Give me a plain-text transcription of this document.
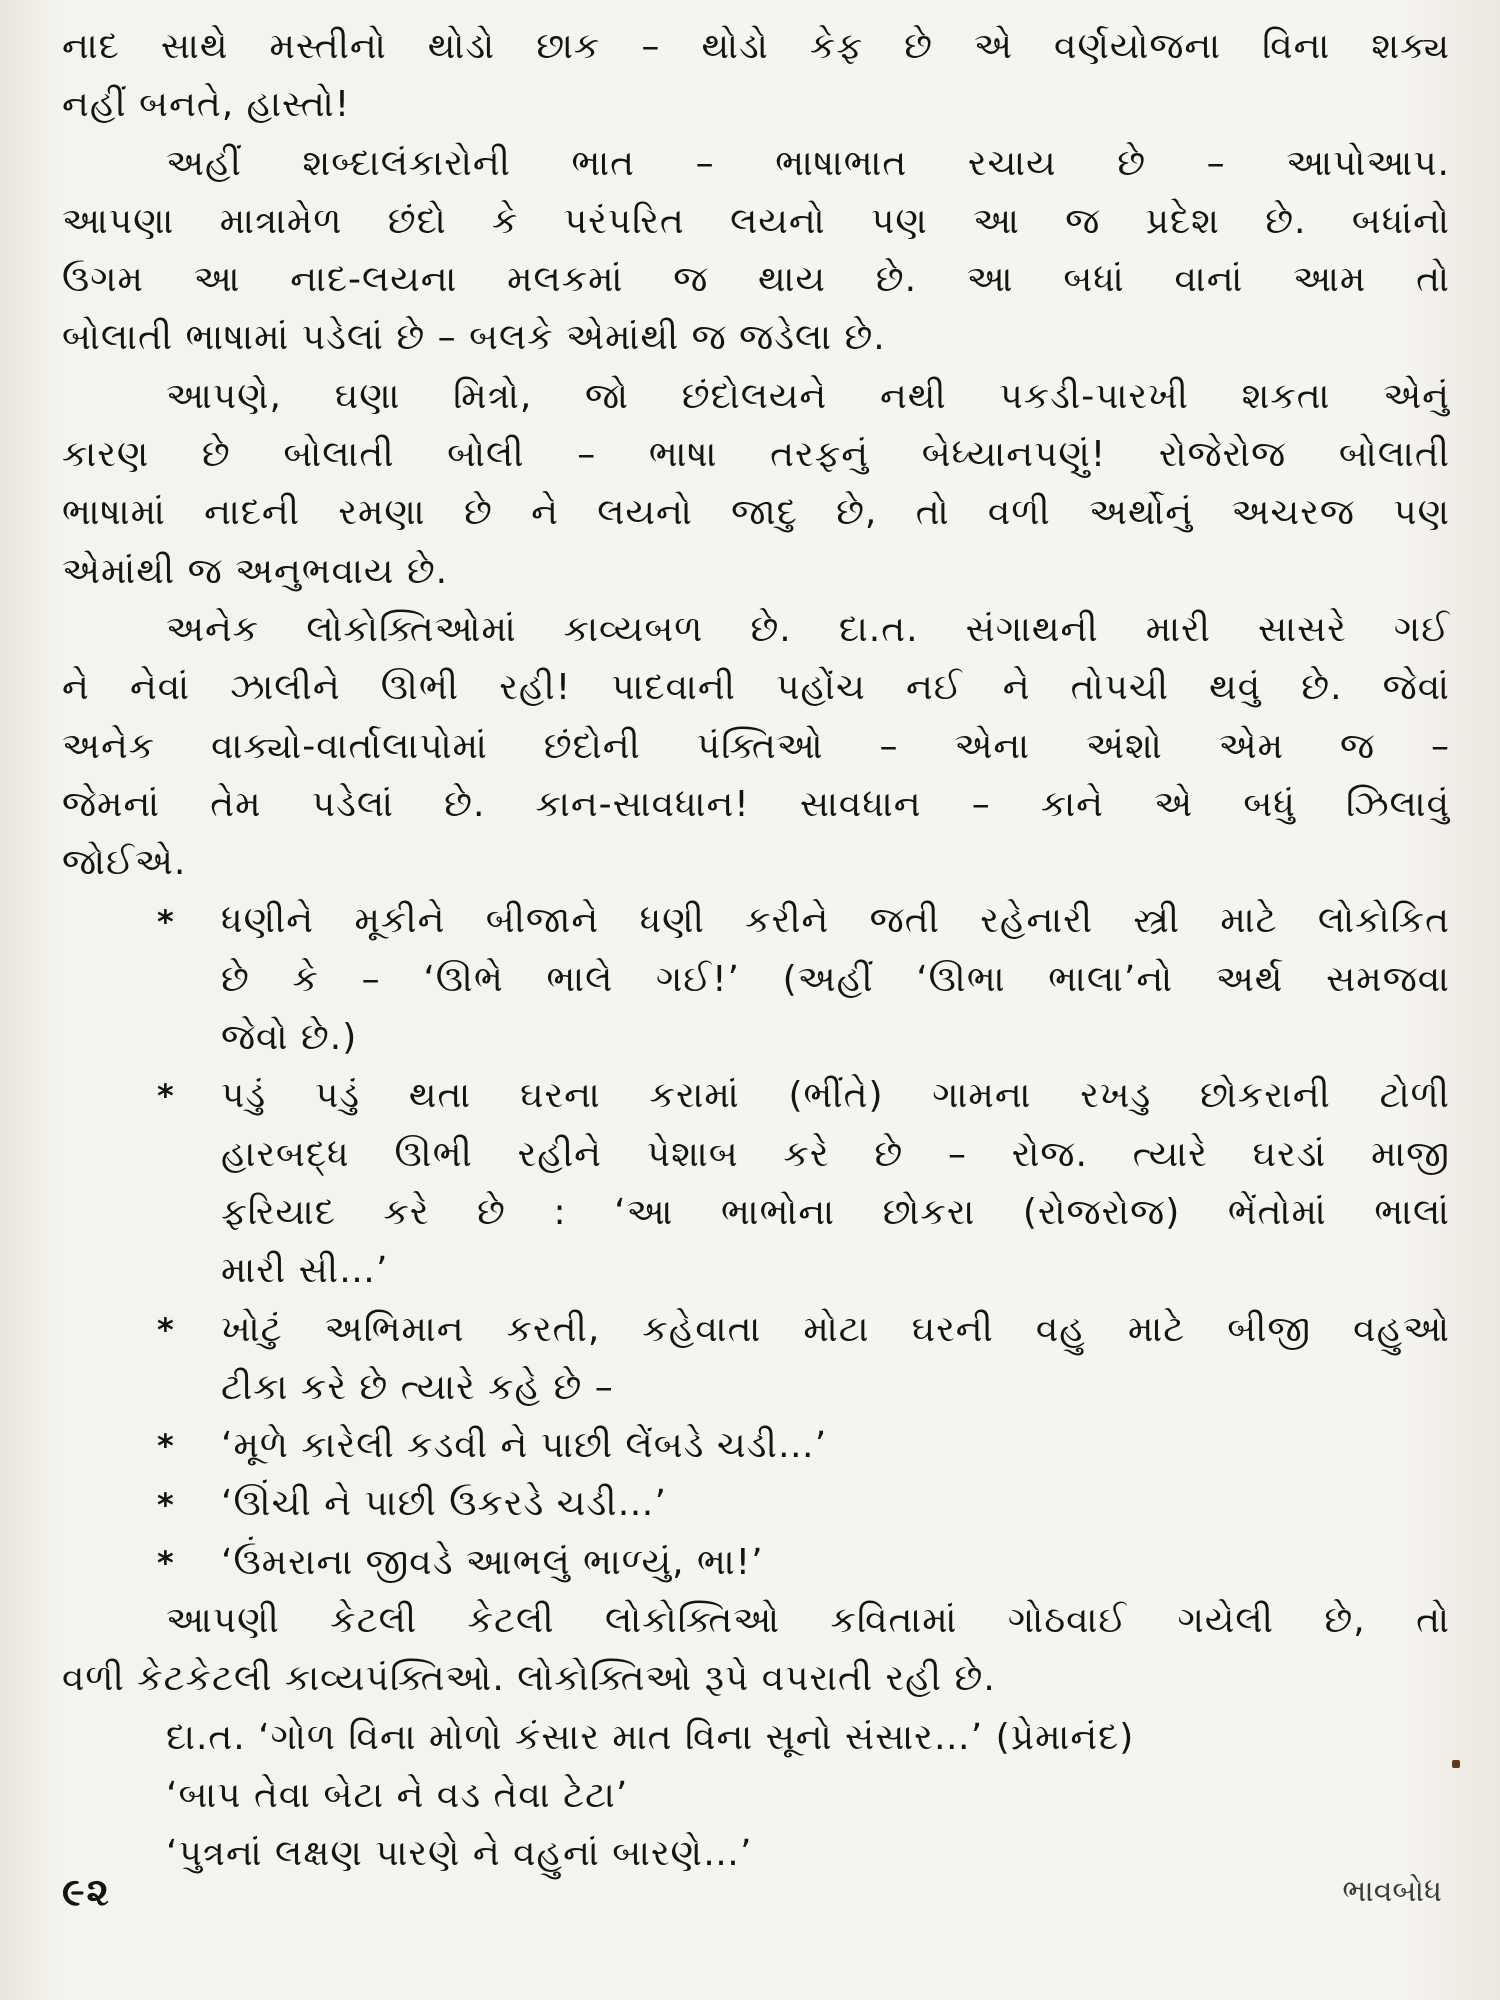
નાદ સાથે મસ્તીનો થોડો છાક – થોડો કેફ છે એ વર્ણયોજના વિના શક્ય
નહીં બનતે, હાસ્તો!
અહીં શબ્દાલંકારોની ભાત – ભાષાભાત રચાય છે – આપોઆપ.
આપણા માત્રામેળ છંદો કે પરંપરિત લયનો પણ આ જ પ્રદેશ છે. બધાંનો
ઉગમ આ નાદ-લયના મલકમાં જ થાય છે. આ બધાં વાનાં આમ તો
બોલાતી ભાષામાં પડેલાં છે – બલકે એમાંથી જ જડેલા છે.
આપણે, ઘણા મિત્રો, જો છંદોલયને નથી પકડી-પારખી શકતા એનું
કારણ છે બોલાતી બોલી – ભાષા તરફનું બેધ્યાનપણું! રોજેરોજ બોલાતી
ભાષામાં નાદની રમણા છે ને લયનો જાદુ છે, તો વળી અર્થોનું અચરજ પણ
એમાંથી જ અનુભવાય છે.
અનેક લોકોક્તિઓમાં કાવ્યબળ છે. દા.ત. સંગાથની મારી સાસરે ગઈ
ને નેવાં ઝાલીને ઊભી રહી! પાદવાની પહોંચ નઈ ને તોપચી થવું છે. જેવાં
અનેક વાક્યો-વાર્તાલાપોમાં છંદોની પંક્તિઓ – એના અંશો એમ જ –
જેમનાં તેમ પડેલાં છે. કાન-સાવધાન! સાવધાન – કાને એ બધું ઝિલાવું
જોઈએ.
*	ધણીને મૂકીને બીજાને ધણી કરીને જતી રહેનારી સ્ત્રી માટે લોકોકિત
છે કે – ‘ઊભે ભાલે ગઈ!’ (અહીં ‘ઊભા ભાલા’નો અર્થ સમજવા
જેવો છે.)
*	પડું પડું થતા ઘરના કરામાં (ભીંતે) ગામના રખડુ છોકરાની ટોળી
હારબદ્ધ ઊભી રહીને પેશાબ કરે છે – રોજ. ત્યારે ઘરડાં માજી
ફરિયાદ કરે છે : ‘આ ભાભોના છોકરા (રોજરોજ) ભેંતોમાં ભાલાં
મારી સી…’
*	ખોટું અભિમાન કરતી, કહેવાતા મોટા ઘરની વહુ માટે બીજી વહુઓ
ટીકા કરે છે ત્યારે કહે છે –
*	‘મૂળે કારેલી કડવી ને પાછી લેંબડે ચડી…’
*	‘ઊંચી ને પાછી ઉકરડે ચડી…’
*	‘ઉંમરાના જીવડે આભલું ભાળ્યું, ભા!’
આપણી કેટલી કેટલી લોકોક્તિઓ કવિતામાં ગોઠવાઈ ગયેલી છે, તો
વળી કેટકેટલી કાવ્યપંક્તિઓ. લોકોક્તિઓ રૂપે વપરાતી રહી છે.
દા.ત. ‘ગોળ વિના મોળો કંસાર માત વિના સૂનો સંસાર…’ (પ્રેમાનંદ)
‘બાપ તેવા બેટા ને વડ તેવા ટેટા’
‘પુત્રનાં લક્ષણ પારણે ને વહુનાં બારણે…’
૯૨	ભાવબોધ
